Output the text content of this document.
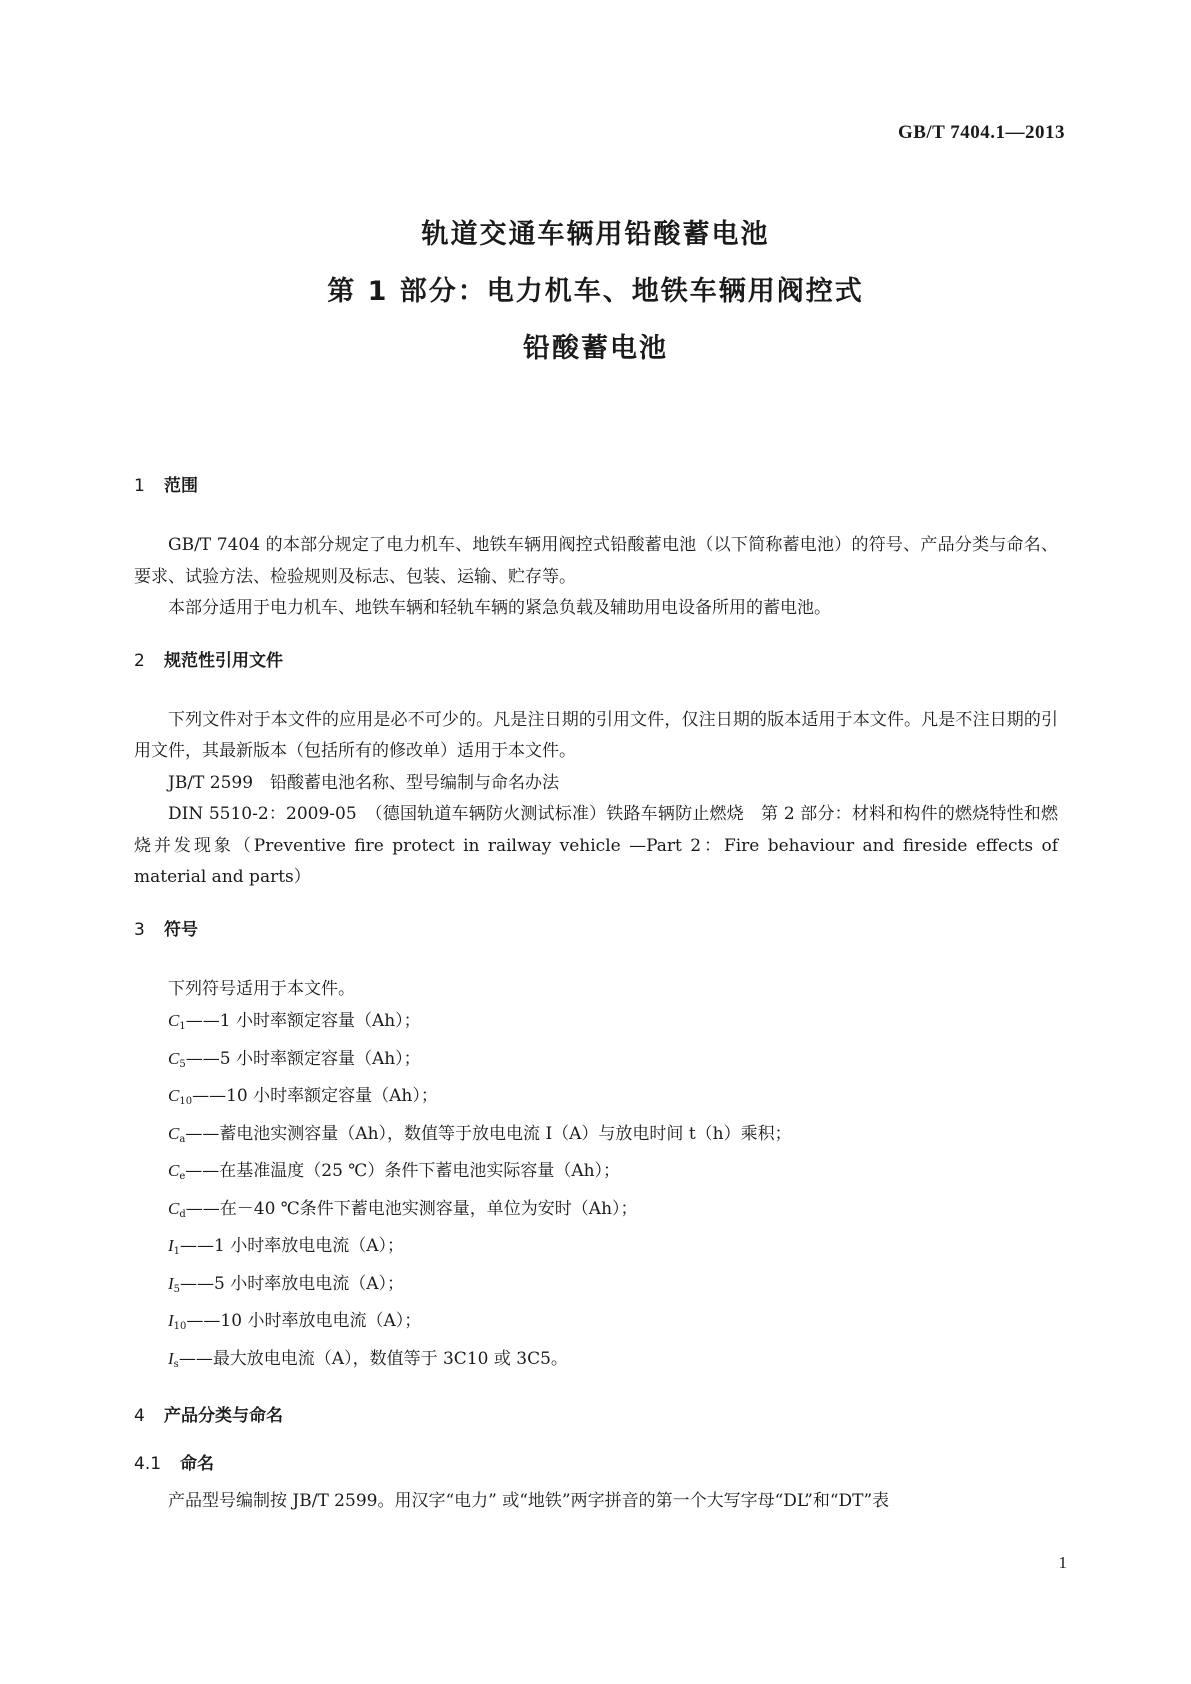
GB/T 7404.1—2013
轨道交通车辆用铅酸蓄电池
第 1 部分：电力机车、地铁车辆用阀控式
铅酸蓄电池
1 范围
GB/T 7404 的本部分规定了电力机车、地铁车辆用阀控式铅酸蓄电池（以下简称蓄电池）的符号、产品分类与命名、要求、试验方法、检验规则及标志、包装、运输、贮存等。
本部分适用于电力机车、地铁车辆和轻轨车辆的紧急负载及辅助用电设备所用的蓄电池。
2 规范性引用文件
下列文件对于本文件的应用是必不可少的。凡是注日期的引用文件，仅注日期的版本适用于本文件。凡是不注日期的引用文件，其最新版本（包括所有的修改单）适用于本文件。
JB/T 2599　铅酸蓄电池名称、型号编制与命名办法
DIN 5510-2：2009-05　（德国轨道车辆防火测试标准）铁路车辆防止燃烧　第 2 部分：材料和构件的燃烧特性和燃烧并发现象（Preventive fire protect in railway vehicle —Part 2：Fire behaviour and fireside effects of material and parts）
3 符号
下列符号适用于本文件。
$C_1——1$ 小时率额定容量（Ah）；
$C_5——5$ 小时率额定容量（Ah）；
$C_{10}——10$ 小时率额定容量（Ah）；
$C_a——$蓄电池实测容量（Ah），数值等于放电电流 I（A）与放电时间 t（h）乘积；
$C_e——$在基准温度（25 ℃）条件下蓄电池实际容量（Ah）；
$C_d——$在－40 ℃条件下蓄电池实测容量，单位为安时（Ah）；
$I_1——1$ 小时率放电电流（A）；
$I_5——5$ 小时率放电电流（A）；
$I_{10}——10$ 小时率放电电流（A）；
$I_s——$最大放电电流（A），数值等于 3C10 或 3C5。
4 产品分类与命名
4.1 命名
产品型号编制按 JB/T 2599。用汉字“电力” 或“地铁”两字拼音的第一个大写字母“DL”和“DT”表
1
